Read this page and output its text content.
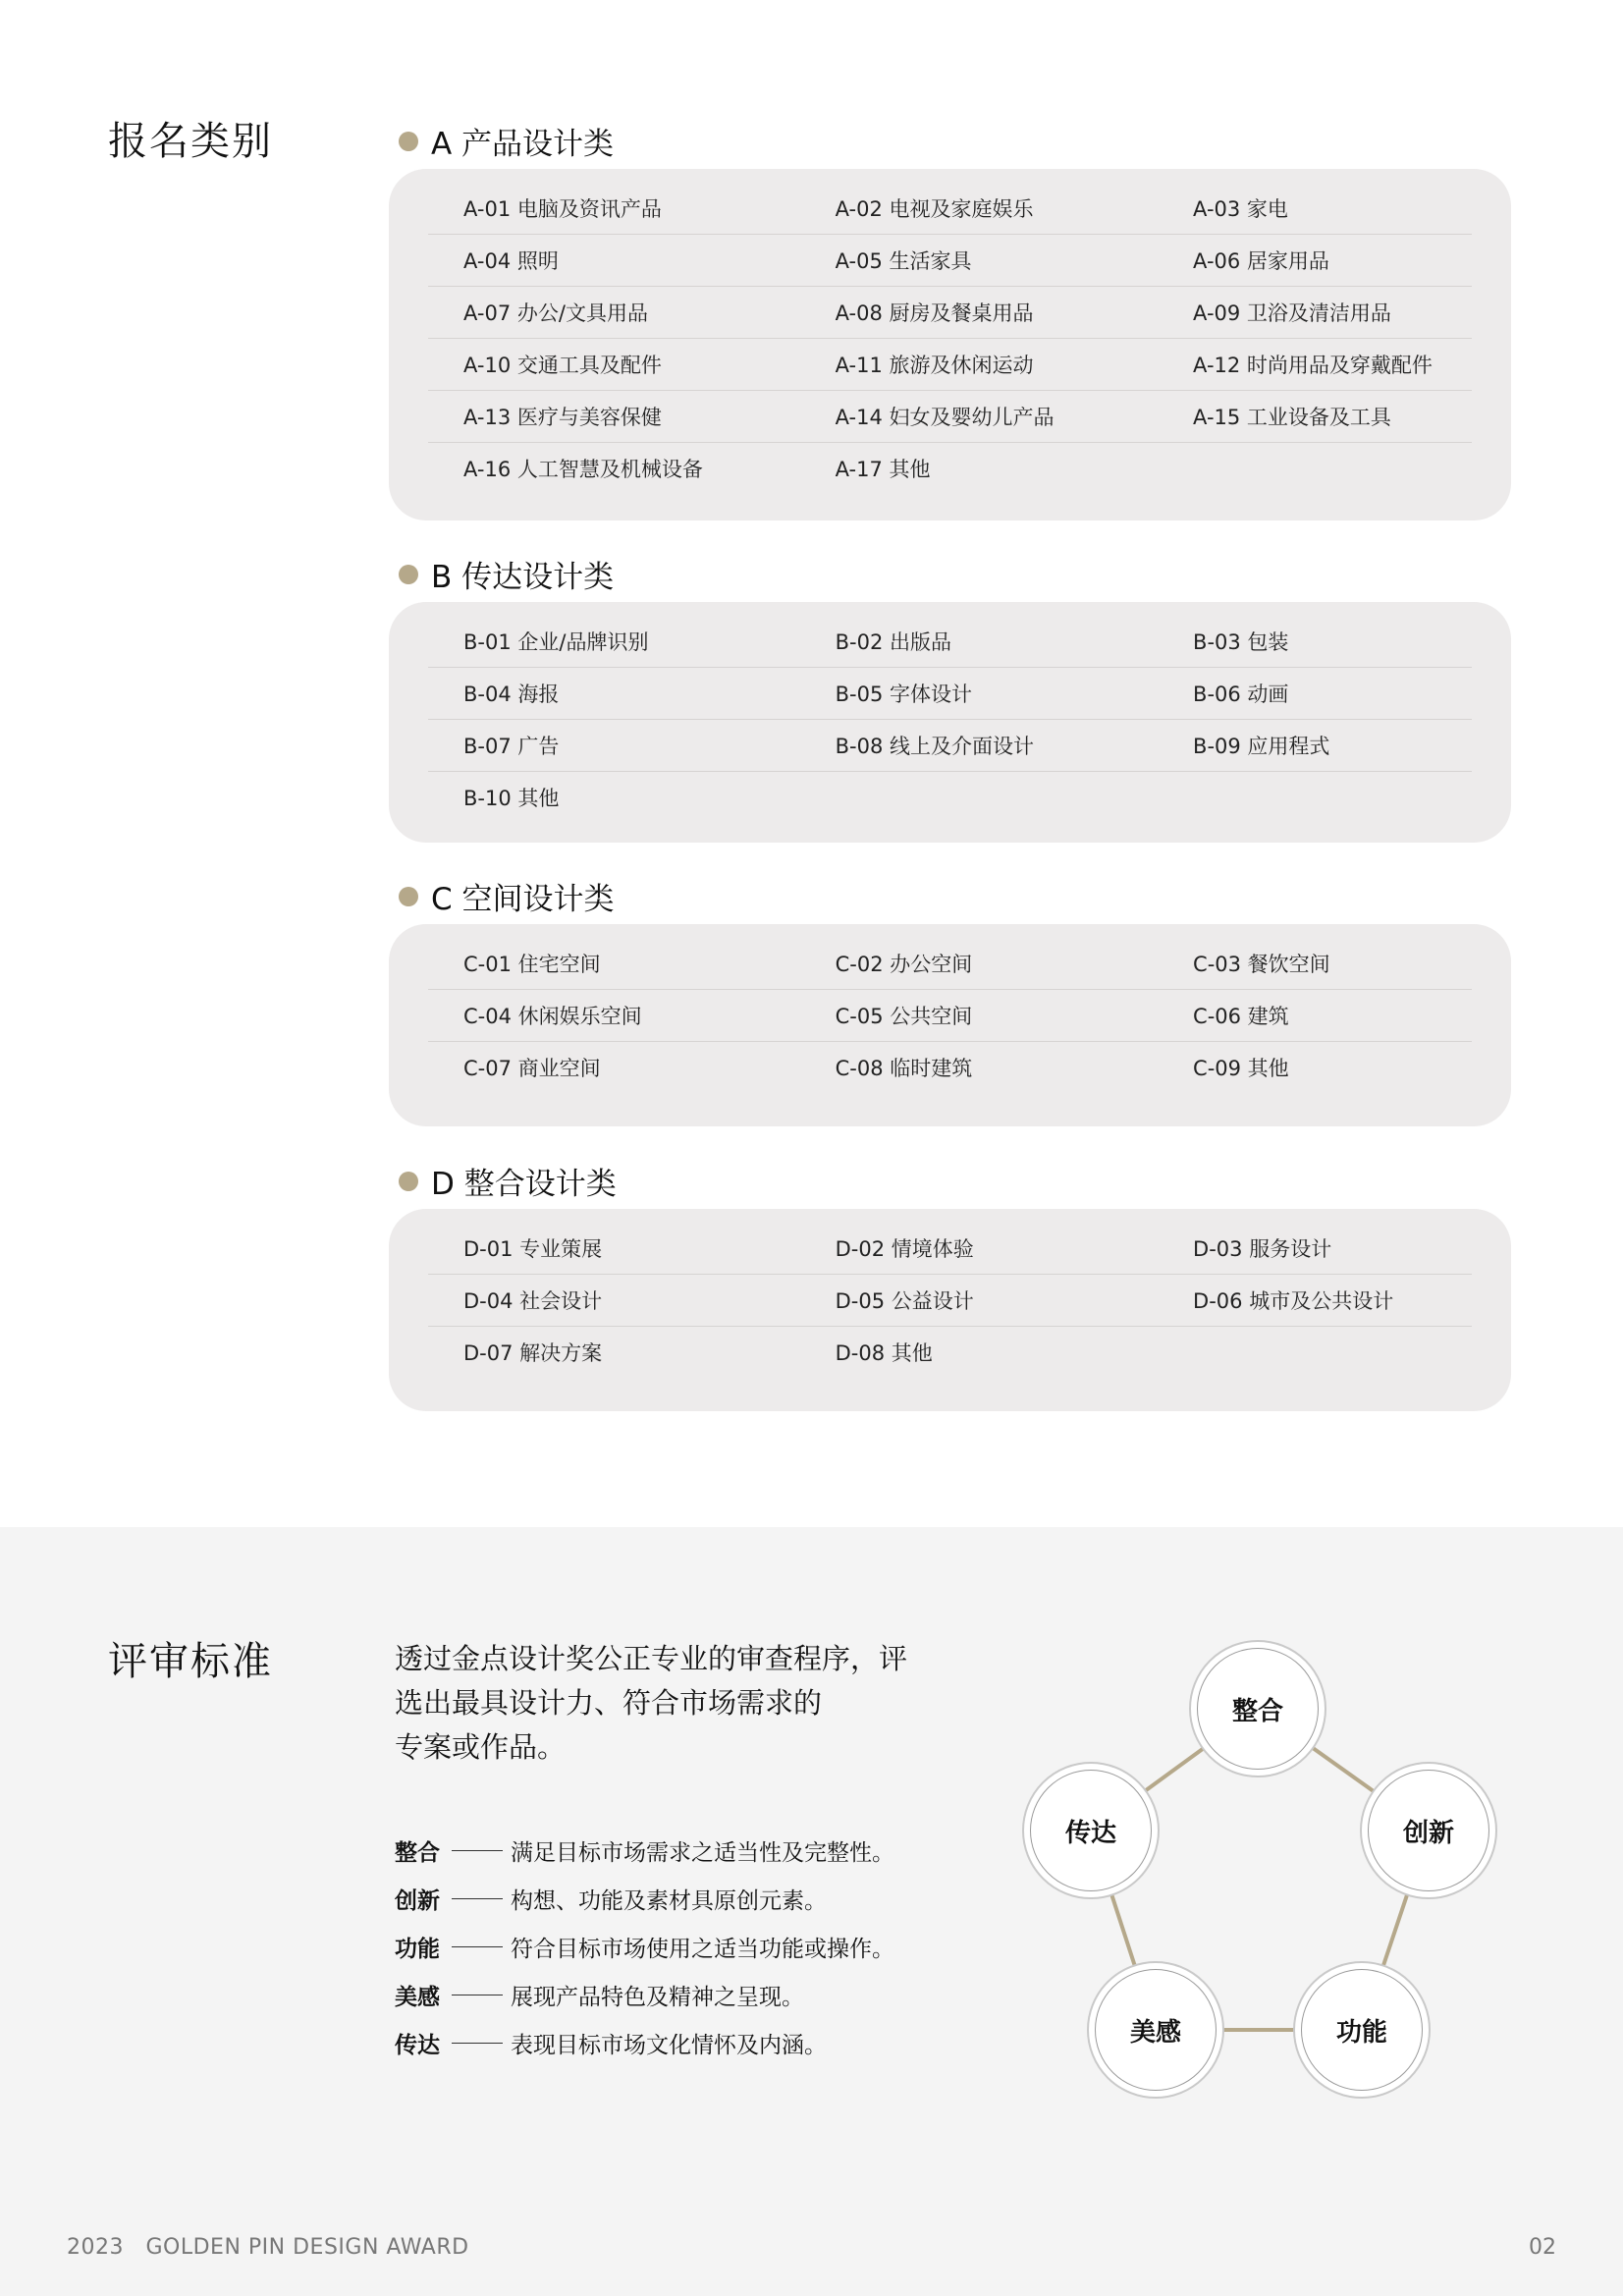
报名类别	A 产品设计类
A-01 电脑及资讯产品	A-02 电视及家庭娱乐	A-03 家电
A-04 照明	A-05 生活家具	A-06 居家用品
A-07 办公/文具用品	A-08 厨房及餐桌用品	A-09 卫浴及清洁用品
A-10 交通工具及配件	A-11 旅游及休闲运动	A-12 时尚用品及穿戴配件
A-13 医疗与美容保健	A-14 妇女及婴幼儿产品	A-15 工业设备及工具
A-16 人工智慧及机械设备	A-17 其他
B 传达设计类
B-01 企业/品牌识别	B-02 出版品	B-03 包装
B-04 海报	B-05 字体设计	B-06 动画
B-07 广告	B-08 线上及介面设计	B-09 应用程式
B-10 其他
C 空间设计类
C-01 住宅空间	C-02 办公空间	C-03 餐饮空间
C-04 休闲娱乐空间	C-05 公共空间	C-06 建筑
C-07 商业空间	C-08 临时建筑	C-09 其他
D 整合设计类
D-01 专业策展	D-02 情境体验	D-03 服务设计
D-04 社会设计	D-05 公益设计	D-06 城市及公共设计
D-07 解决方案	D-08 其他
评审标准	透过金点设计奖公正专业的审查程序，评
选出最具设计力、符合市场需求的
专案或作品。
整合	满足目标市场需求之适当性及完整性。
创新	构想、功能及素材具原创元素。
功能	符合目标市场使用之适当功能或操作。
美感	展现产品特色及精神之呈现。
传达	表现目标市场文化情怀及内涵。
整合
创新
功能
美感
传达
2023 GOLDEN PIN DESIGN AWARD	02
